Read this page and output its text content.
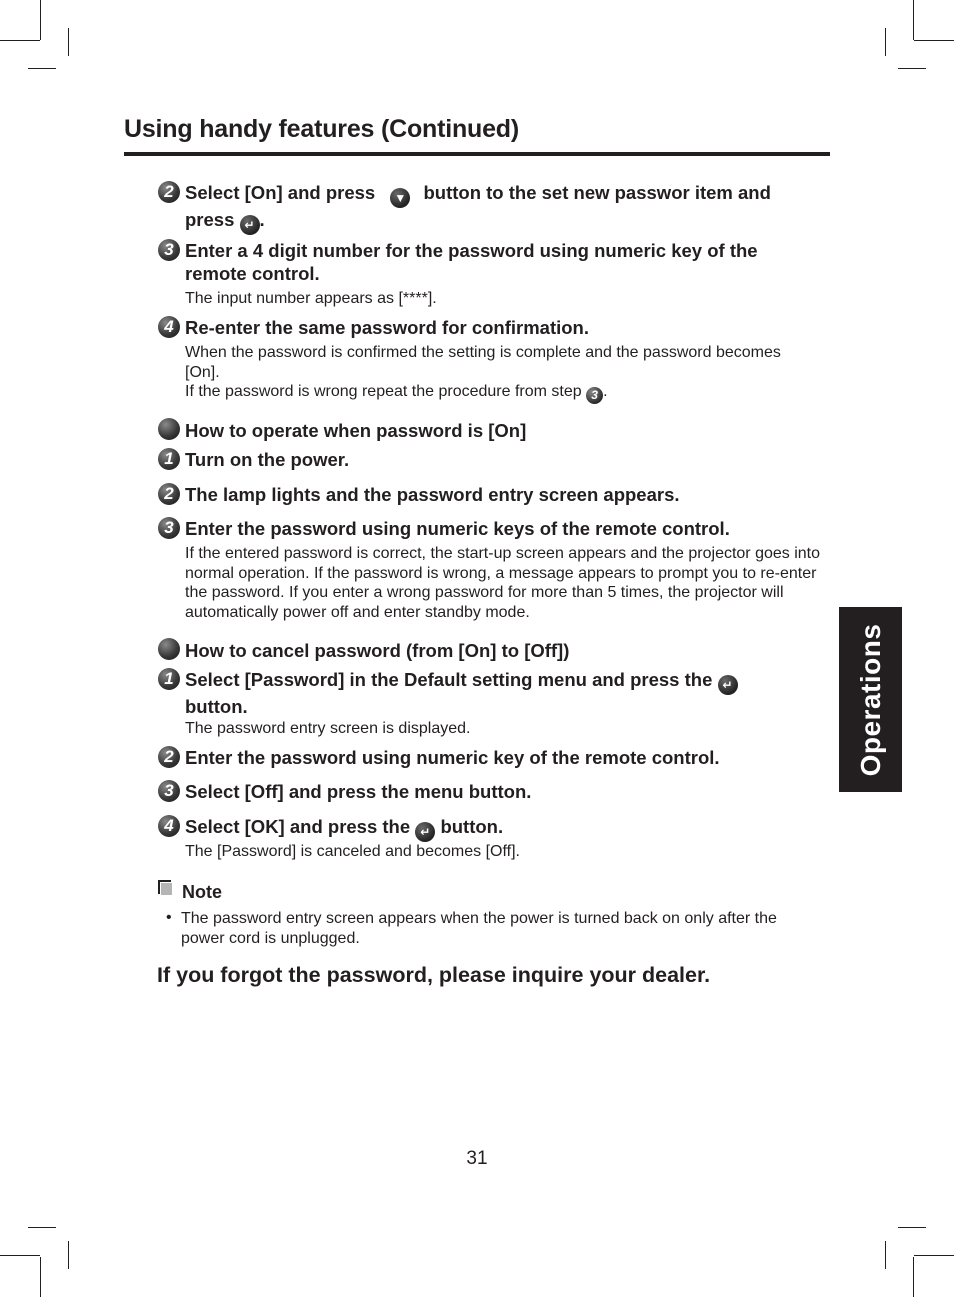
Using handy features (Continued)
2 Select [On] and press ▼ button to the set new passwor item and
press ↵ .
3 Enter a 4 digit number for the password using numeric key of the remote control.
The input number appears as [****].
4 Re-enter the same password for confirmation.
When the password is confirmed the setting is complete and the password becomes [On].
If the password is wrong repeat the procedure from step 3 .
How to operate when password is [On]
1 Turn on the power.
2 The lamp lights and the password entry screen appears.
3 Enter the password using numeric keys of the remote control.
If the entered password is correct, the start-up screen appears and the projector goes into normal operation. If the password is wrong, a message appears to prompt you to re-enter the password. If you enter a wrong password for more than 5 times, the projector will automatically power off and enter standby mode.
How to cancel password (from [On] to [Off])
1 Select [Password] in the Default setting menu and press the ↵
button.
The password entry screen is displayed.
2 Enter the password using numeric key of the remote control.
3 Select [Off] and press the menu button.
4 Select [OK] and press the ↵ button.
The [Password] is canceled and becomes [Off].
Note
• The password entry screen appears when the power is turned back on only after the power cord is unplugged.
If you forgot the password, please inquire your dealer.
Operations
31
